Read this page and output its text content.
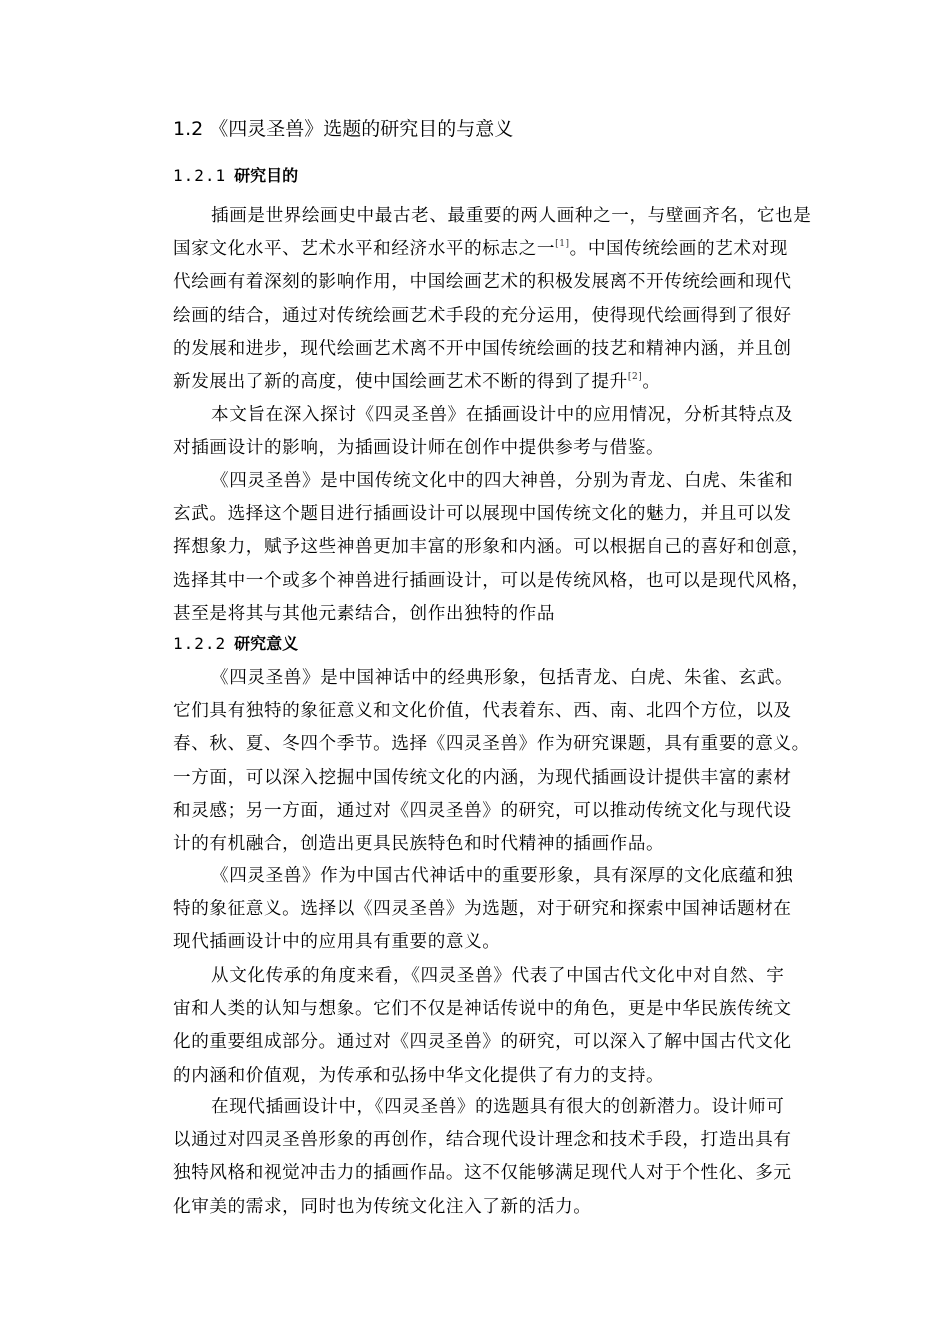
1.2 《四灵圣兽》选题的研究目的与意义
1.2.1 研究目的
插画是世界绘画史中最古老、最重要的两人画种之一，与壁画齐名，它也是
国家文化水平、艺术水平和经济水平的标志之一[1]。中国传统绘画的艺术对现
代绘画有着深刻的影响作用，中国绘画艺术的积极发展离不开传统绘画和现代
绘画的结合，通过对传统绘画艺术手段的充分运用，使得现代绘画得到了很好
的发展和进步，现代绘画艺术离不开中国传统绘画的技艺和精神内涵，并且创
新发展出了新的高度，使中国绘画艺术不断的得到了提升[2]。
本文旨在深入探讨《四灵圣兽》在插画设计中的应用情况，分析其特点及
对插画设计的影响，为插画设计师在创作中提供参考与借鉴。
《四灵圣兽》是中国传统文化中的四大神兽，分别为青龙、白虎、朱雀和
玄武。选择这个题目进行插画设计可以展现中国传统文化的魅力，并且可以发
挥想象力，赋予这些神兽更加丰富的形象和内涵。可以根据自己的喜好和创意，
选择其中一个或多个神兽进行插画设计，可以是传统风格，也可以是现代风格，
甚至是将其与其他元素结合，创作出独特的作品
1.2.2 研究意义
《四灵圣兽》是中国神话中的经典形象，包括青龙、白虎、朱雀、玄武。
它们具有独特的象征意义和文化价值，代表着东、西、南、北四个方位，以及
春、秋、夏、冬四个季节。选择《四灵圣兽》作为研究课题，具有重要的意义。
一方面，可以深入挖掘中国传统文化的内涵，为现代插画设计提供丰富的素材
和灵感；另一方面，通过对《四灵圣兽》的研究，可以推动传统文化与现代设
计的有机融合，创造出更具民族特色和时代精神的插画作品。
《四灵圣兽》作为中国古代神话中的重要形象，具有深厚的文化底蕴和独
特的象征意义。选择以《四灵圣兽》为选题，对于研究和探索中国神话题材在
现代插画设计中的应用具有重要的意义。
从文化传承的角度来看，《四灵圣兽》代表了中国古代文化中对自然、宇
宙和人类的认知与想象。它们不仅是神话传说中的角色，更是中华民族传统文
化的重要组成部分。通过对《四灵圣兽》的研究，可以深入了解中国古代文化
的内涵和价值观，为传承和弘扬中华文化提供了有力的支持。
在现代插画设计中，《四灵圣兽》的选题具有很大的创新潜力。设计师可
以通过对四灵圣兽形象的再创作，结合现代设计理念和技术手段，打造出具有
独特风格和视觉冲击力的插画作品。这不仅能够满足现代人对于个性化、多元
化审美的需求，同时也为传统文化注入了新的活力。
